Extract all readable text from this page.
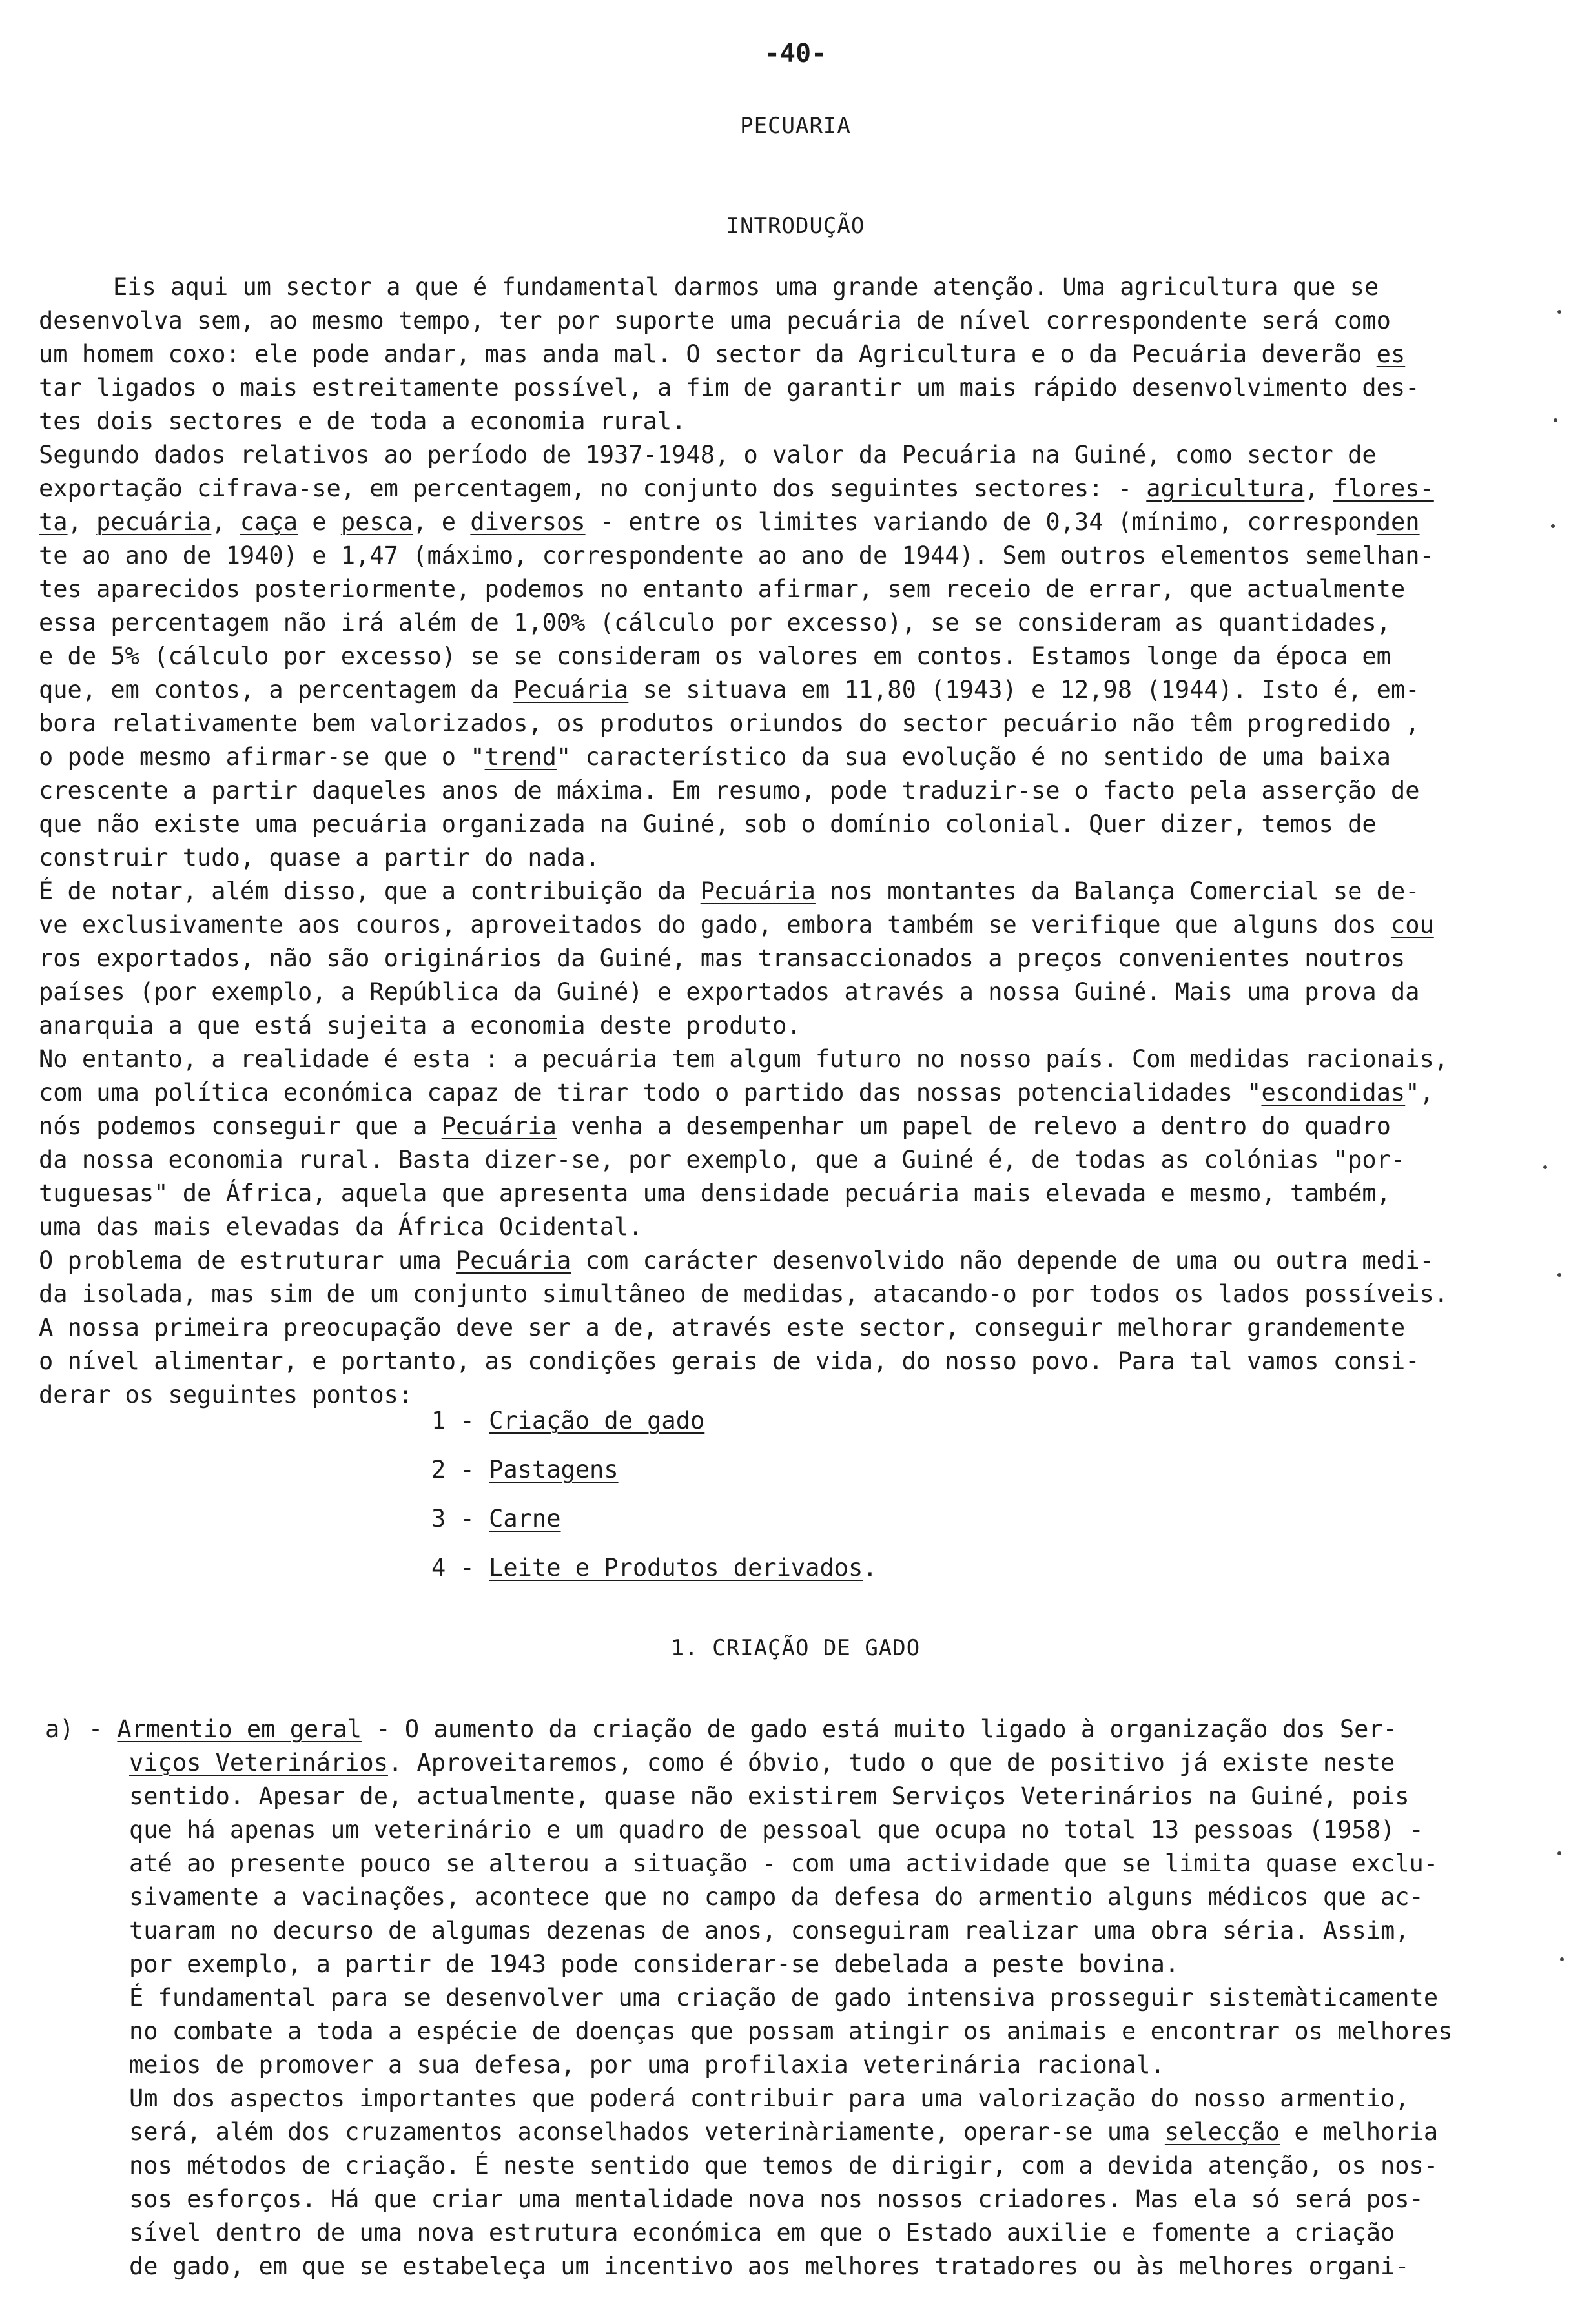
-40-
PECUARIA
INTRODUÇÃO
Eis aqui um sector a que é fundamental darmos uma grande atenção. Uma agricultura que se
desenvolva sem, ao mesmo tempo, ter por suporte uma pecuária de nível correspondente será como
um homem coxo: ele pode andar, mas anda mal. O sector da Agricultura e o da Pecuária deverão es
tar ligados o mais estreitamente possível, a fim de garantir um mais rápido desenvolvimento des-
tes dois sectores e de toda a economia rural.
Segundo dados relativos ao período de 1937-1948, o valor da Pecuária na Guiné, como sector de
exportação cifrava-se, em percentagem, no conjunto dos seguintes sectores: - agricultura, flores-
ta, pecuária, caça e pesca, e diversos - entre os limites variando de 0,34 (mínimo, corresponden
te ao ano de 1940) e 1,47 (máximo, correspondente ao ano de 1944). Sem outros elementos semelhan-
tes aparecidos posteriormente, podemos no entanto afirmar, sem receio de errar, que actualmente
essa percentagem não irá além de 1,00% (cálculo por excesso), se se consideram as quantidades,
e de 5% (cálculo por excesso) se se consideram os valores em contos. Estamos longe da época em
que, em contos, a percentagem da Pecuária se situava em 11,80 (1943) e 12,98 (1944). Isto é, em-
bora relativamente bem valorizados, os produtos oriundos do sector pecuário não têm progredido ,
o pode mesmo afirmar-se que o "trend" característico da sua evolução é no sentido de uma baixa
crescente a partir daqueles anos de máxima. Em resumo, pode traduzir-se o facto pela asserção de
que não existe uma pecuária organizada na Guiné, sob o domínio colonial. Quer dizer, temos de
construir tudo, quase a partir do nada.
É de notar, além disso, que a contribuição da Pecuária nos montantes da Balança Comercial se de-
ve exclusivamente aos couros, aproveitados do gado, embora também se verifique que alguns dos cou
ros exportados, não são originários da Guiné, mas transaccionados a preços convenientes noutros
países (por exemplo, a República da Guiné) e exportados através a nossa Guiné. Mais uma prova da
anarquia a que está sujeita a economia deste produto.
No entanto, a realidade é esta : a pecuária tem algum futuro no nosso país. Com medidas racionais,
com uma política económica capaz de tirar todo o partido das nossas potencialidades "escondidas",
nós podemos conseguir que a Pecuária venha a desempenhar um papel de relevo a dentro do quadro
da nossa economia rural. Basta dizer-se, por exemplo, que a Guiné é, de todas as colónias "por-
tuguesas" de África, aquela que apresenta uma densidade pecuária mais elevada e mesmo, também,
uma das mais elevadas da África Ocidental.
O problema de estruturar uma Pecuária com carácter desenvolvido não depende de uma ou outra medi-
da isolada, mas sim de um conjunto simultâneo de medidas, atacando-o por todos os lados possíveis.
A nossa primeira preocupação deve ser a de, através este sector, conseguir melhorar grandemente
o nível alimentar, e portanto, as condições gerais de vida, do nosso povo. Para tal vamos consi-
derar os seguintes pontos:
1 - Criação de gado
2 - Pastagens
3 - Carne
4 - Leite e Produtos derivados.
1. CRIAÇÃO DE GADO
a) - Armentio em geral - O aumento da criação de gado está muito ligado à organização dos Ser-
viços Veterinários. Aproveitaremos, como é óbvio, tudo o que de positivo já existe neste
sentido. Apesar de, actualmente, quase não existirem Serviços Veterinários na Guiné, pois
que há apenas um veterinário e um quadro de pessoal que ocupa no total 13 pessoas (1958) -
até ao presente pouco se alterou a situação - com uma actividade que se limita quase exclu-
sivamente a vacinações, acontece que no campo da defesa do armentio alguns médicos que ac-
tuaram no decurso de algumas dezenas de anos, conseguiram realizar uma obra séria. Assim,
por exemplo, a partir de 1943 pode considerar-se debelada a peste bovina.
É fundamental para se desenvolver uma criação de gado intensiva prosseguir sistemàticamente
no combate a toda a espécie de doenças que possam atingir os animais e encontrar os melhores
meios de promover a sua defesa, por uma profilaxia veterinária racional.
Um dos aspectos importantes que poderá contribuir para uma valorização do nosso armentio,
será, além dos cruzamentos aconselhados veterinàriamente, operar-se uma selecção e melhoria
nos métodos de criação. É neste sentido que temos de dirigir, com a devida atenção, os nos-
sos esforços. Há que criar uma mentalidade nova nos nossos criadores. Mas ela só será pos-
sível dentro de uma nova estrutura económica em que o Estado auxilie e fomente a criação
de gado, em que se estabeleça um incentivo aos melhores tratadores ou às melhores organi-
